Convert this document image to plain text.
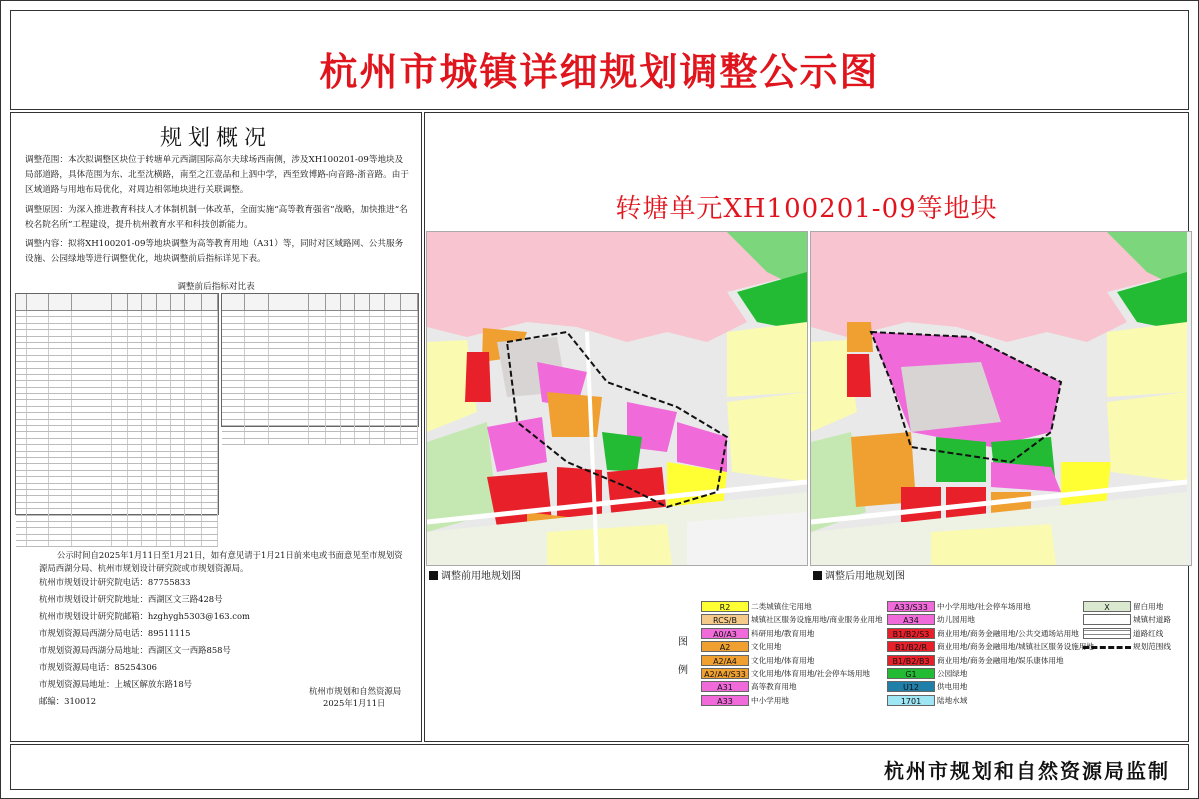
杭州市城镇详细规划调整公示图
规划概况
调整范围：本次拟调整区块位于转塘单元西湖国际高尔夫球场西南侧，涉及XH100201-09等地块及局部道路，具体范围为东、北至沈横路，南至之江壹品和上泗中学，西至致博路-向音路-浙音路。由于区域道路与用地布局优化，对周边相邻地块进行关联调整。
调整原因：为深入推进教育科技人才体制机制一体改革，全面实施“高等教育强省”战略，加快推进“名校名院名所”工程建设，提升杭州教育水平和科技创新能力。
调整内容：拟将XH100201-09等地块调整为高等教育用地（A31）等，同时对区域路网、公共服务设施、公园绿地等进行调整优化，地块调整前后指标详见下表。
调整前后指标对比表
公示时间自2025年1月11日至1月21日，如有意见请于1月21日前来电或书面意见至市规划资源局西湖分局、杭州市规划设计研究院或市规划资源局。
杭州市规划设计研究院电话：87755833
杭州市规划设计研究院地址：西湖区文三路428号
杭州市规划设计研究院邮箱：hzghygh5303@163.com
市规划资源局西湖分局电话：89511115
市规划资源局西湖分局地址：西湖区文一西路858号
市规划资源局电话：85254306
市规划资源局地址：上城区解放东路18号
邮编：310012
杭州市规划和自然资源局
2025年1月11日
转塘单元XH100201-09等地块
调整前用地规划图	调整后用地规划图
图
例
R2	二类城镇住宅用地
RCS/B	城镇社区服务设施用地/商业服务业用地
A0/A3	科研用地/教育用地
A2	文化用地
A2/A4	文化用地/体育用地
A2/A4/S33 文化用地/体育用地/社会停车场用地
A31	高等教育用地
A33	中小学用地
A33/S33	中小学用地/社会停车场用地
A34	幼儿园用地
B1/B2/S3	商业用地/商务金融用地/公共交通场站用地
B1/B2/R	商业用地/商务金融用地/城镇社区服务设施用地
B1/B2/B3 商业用地/商务金融用地/娱乐康体用地
G1	公园绿地
U12	供电用地
1701	陆地水域
X	留白用地
城镇村道路
道路红线
规划范围线
杭州市规划和自然资源局监制
